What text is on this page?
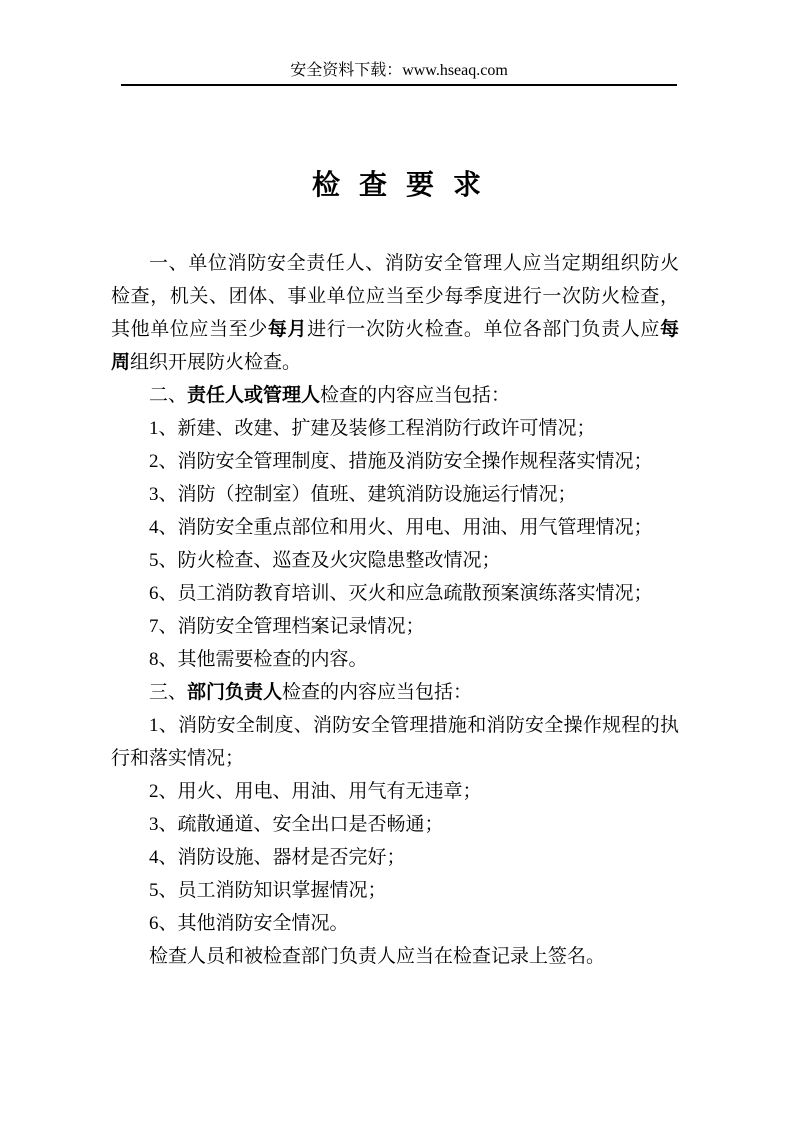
安全资料下载：www.hseaq.com
检 查 要 求

一、单位消防安全责任人、消防安全管理人应当定期组织防火检查，机关、团体、事业单位应当至少每季度进行一次防火检查，其他单位应当至少每月进行一次防火检查。单位各部门负责人应每周组织开展防火检查。

二、责任人或管理人检查的内容应当包括：

1、新建、改建、扩建及装修工程消防行政许可情况；

2、消防安全管理制度、措施及消防安全操作规程落实情况；

3、消防（控制室）值班、建筑消防设施运行情况；

4、消防安全重点部位和用火、用电、用油、用气管理情况；

5、防火检查、巡查及火灾隐患整改情况；

6、员工消防教育培训、灭火和应急疏散预案演练落实情况；

7、消防安全管理档案记录情况；

8、其他需要检查的内容。

三、部门负责人检查的内容应当包括：

1、消防安全制度、消防安全管理措施和消防安全操作规程的执行和落实情况；

2、用火、用电、用油、用气有无违章；

3、疏散通道、安全出口是否畅通；

4、消防设施、器材是否完好；

5、员工消防知识掌握情况；

6、其他消防安全情况。

检查人员和被检查部门负责人应当在检查记录上签名。
